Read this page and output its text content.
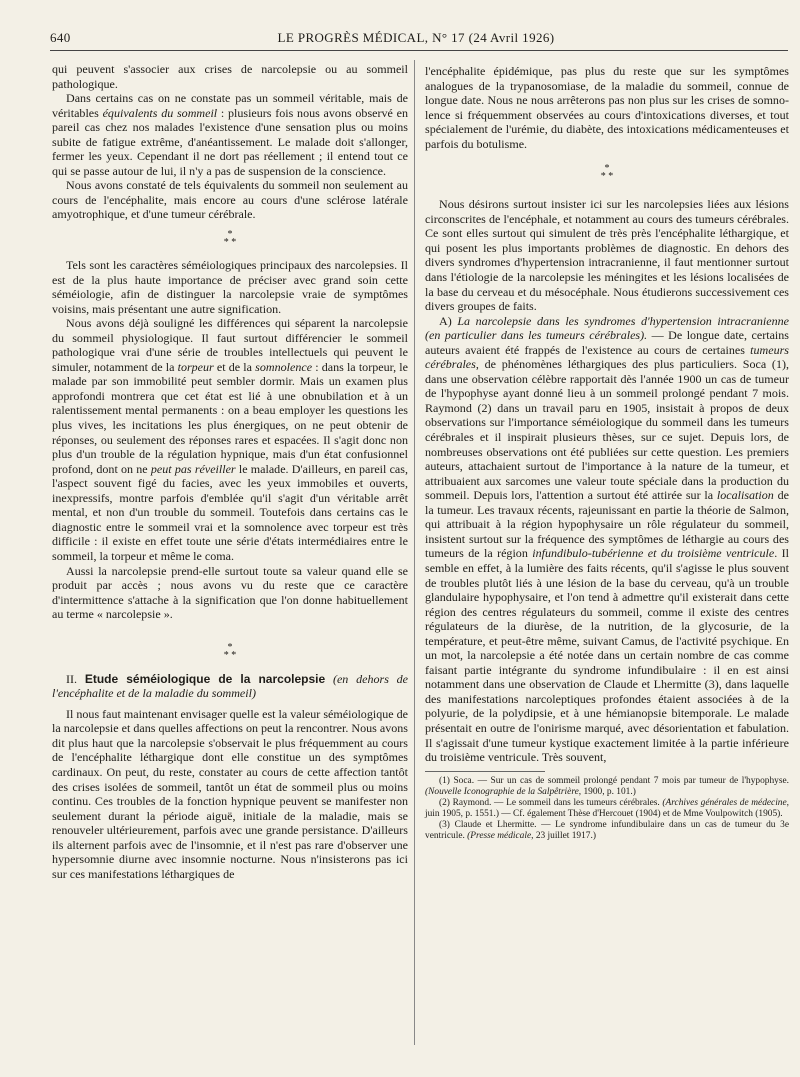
640	LE PROGRÈS MÉDICAL, N° 17 (24 Avril 1926)

qui peuvent s'associer aux crises de narcolepsie ou au sommeil pathologique.

Dans certains cas on ne constate pas un sommeil véritable, mais de véritables équivalents du sommeil : plusieurs fois nous avons observé en pareil cas chez nos malades l'existence d'une sensation plus ou moins subite de fatigue extrême, d'anéantissement. Le malade doit s'allonger, fermer les yeux. Cependant il ne dort pas réellement ; il entend tout ce qui se passe autour de lui, il n'y a pas de suspension de la conscience.

Nous avons constaté de tels équivalents du sommeil non seulement au cours de l'encéphalite, mais encore au cours d'une sclérose latérale amyotrophique, et d'une tumeur cérébrale.

*
* *

Tels sont les caractères séméiologiques principaux des narcolepsies. Il est de la plus haute importance de préciser avec grand soin cette séméiologie, afin de distinguer la narcolepsie vraie de symptômes voisins, mais présentant une autre signification.

Nous avons déjà souligné les différences qui séparent la narcolepsie du sommeil physiologique. Il faut surtout différencier le sommeil pathologique vrai d'une série de troubles intellectuels qui peuvent le simuler, notamment de la torpeur et de la somnolence : dans la torpeur, le malade par son immobilité peut sembler dormir. Mais un examen plus approfondi montrera que cet état est lié à une obnubilation et à un ralentissement mental permanents : on a beau employer les questions les plus vives, les incitations les plus énergiques, on ne peut obtenir de réponses, ou seulement des réponses rares et espacées. Il s'agit donc non plus d'un trouble de la régulation hypnique, mais d'un état confusionnel profond, dont on ne peut pas réveiller le malade. D'ailleurs, en pareil cas, l'aspect souvent figé du facies, avec les yeux immobiles et ouverts, inexpressifs, montre parfois d'emblée qu'il s'agit d'un véritable arrêt mental, et non d'un trouble du sommeil. Toutefois dans certains cas le diagnostic entre le sommeil vrai et la somnolence avec torpeur est très difficile : il existe en effet toute une série d'états intermédiaires entre le sommeil, la torpeur et même le coma.

Aussi la narcolepsie prend-elle surtout toute sa valeur quand elle se produit par accès ; nous avons vu du reste que ce caractère d'intermittence s'attache à la signification que l'on donne habituellement au terme « narcolepsie ».

*
* *

II. Etude séméiologique de la narcolepsie (en dehors de l'encéphalite et de la maladie du sommeil)

Il nous faut maintenant envisager quelle est la valeur séméiologique de la narcolepsie et dans quelles affections on peut la rencontrer. Nous avons dit plus haut que la narcolepsie s'observait le plus fréquemment au cours de l'encéphalite léthargique dont elle constitue un des symptômes cardinaux. On peut, du reste, constater au cours de cette affection tantôt des crises isolées de sommeil, tantôt un état de sommeil plus ou moins continu. Ces troubles de la fonction hypnique peuvent se manifester non seulement durant la période aiguë, initiale de la maladie, mais se renouveler ultérieurement, parfois avec une grande persistance. D'ailleurs ils alternent parfois avec de l'insomnie, et il n'est pas rare d'observer une hypersomnie diurne avec insomnie nocturne. Nous n'insisterons pas ici sur ces manifestations léthargiques de

l'encéphalite épidémique, pas plus du reste que sur les symptômes analogues de la trypanosomiase, de la maladie du sommeil, connue de longue date. Nous ne nous arrêterons pas non plus sur les crises de somno-lence si fréquemment observées au cours d'intoxications diverses, et tout spécialement de l'urémie, du diabète, des intoxications médicamenteuses et parfois du botulisme.

*
* *

Nous désirons surtout insister ici sur les narcolepsies liées aux lésions circonscrites de l'encéphale, et notamment au cours des tumeurs cérébrales. Ce sont elles surtout qui simulent de très près l'encéphalite léthargique, et qui posent les plus importants problèmes de diagnostic. En dehors des divers syndromes d'hypertension intracranienne, il faut mentionner surtout dans l'étiologie de la narcolepsie les méningites et les lésions localisées de la base du cerveau et du mésocéphale. Nous étudierons successivement ces divers groupes de faits.

A) La narcolepsie dans les syndromes d'hypertension intracranienne (en particulier dans les tumeurs cérébrales). — De longue date, certains auteurs avaient été frappés de l'existence au cours de certaines tumeurs cérébrales, de phénomènes léthargiques des plus particuliers. Soca (1), dans une observation célèbre rapportait dès l'année 1900 un cas de tumeur de l'hypophyse ayant donné lieu à un sommeil prolongé pendant 7 mois. Raymond (2) dans un travail paru en 1905, insistait à propos de deux observations sur l'importance séméiologique du sommeil dans les tumeurs cérébrales et il inspirait plusieurs thèses, sur ce sujet. Depuis lors, de nombreuses observations ont été publiées sur cette question. Les premiers auteurs, attachaient surtout de l'importance à la nature de la tumeur, et attribuaient aux sarcomes une valeur toute spéciale dans la production du sommeil. Depuis lors, l'attention a surtout été attirée sur la localisation de la tumeur. Les travaux récents, rajeunissant en partie la théorie de Salmon, qui attribuait à la région hypophysaire un rôle régulateur du sommeil, insistent surtout sur la fréquence des symptômes de léthargie au cours des tumeurs de la région infundibulo-tubérienne et du troisième ventricule. Il semble en effet, à la lumière des faits récents, qu'il s'agisse le plus souvent de troubles plutôt liés à une lésion de la base du cerveau, qu'à un trouble glandulaire hypophysaire, et l'on tend à admettre qu'il existerait dans cette région des centres régulateurs du sommeil, comme il existe des centres régulateurs de la diurèse, de la nutrition, de la glycosurie, de la température, et peut-être même, suivant Camus, de l'activité psychique. En un mot, la narcolepsie a été notée dans un certain nombre de cas comme faisant partie intégrante du syndrome infundibulaire : il en est ainsi notamment dans une observation de Claude et Lhermitte (3), dans laquelle des manifestations narcoleptiques profondes étaient associées à de la polyurie, de la polydipsie, et à une hémianopsie bitemporale. Le malade présentait en outre de l'onirisme marqué, avec désorientation et fabulation. Il s'agissait d'une tumeur kystique exactement limitée à la partie inférieure du troisième ventricule. Très souvent,

(1) Soca. — Sur un cas de sommeil prolongé pendant 7 mois par tumeur de l'hypophyse. (Nouvelle Iconographie de la Salpêtrière, 1900, p. 101.)

(2) Raymond. — Le sommeil dans les tumeurs cérébrales. (Archives générales de médecine, juin 1905, p. 1551.) — Cf. également Thèse d'Hercouet (1904) et de Mme Voulpowitch (1905).

(3) Claude et Lhermitte. — Le syndrome infundibulaire dans un cas de tumeur du 3e ventricule. (Presse médicale, 23 juillet 1917.)
